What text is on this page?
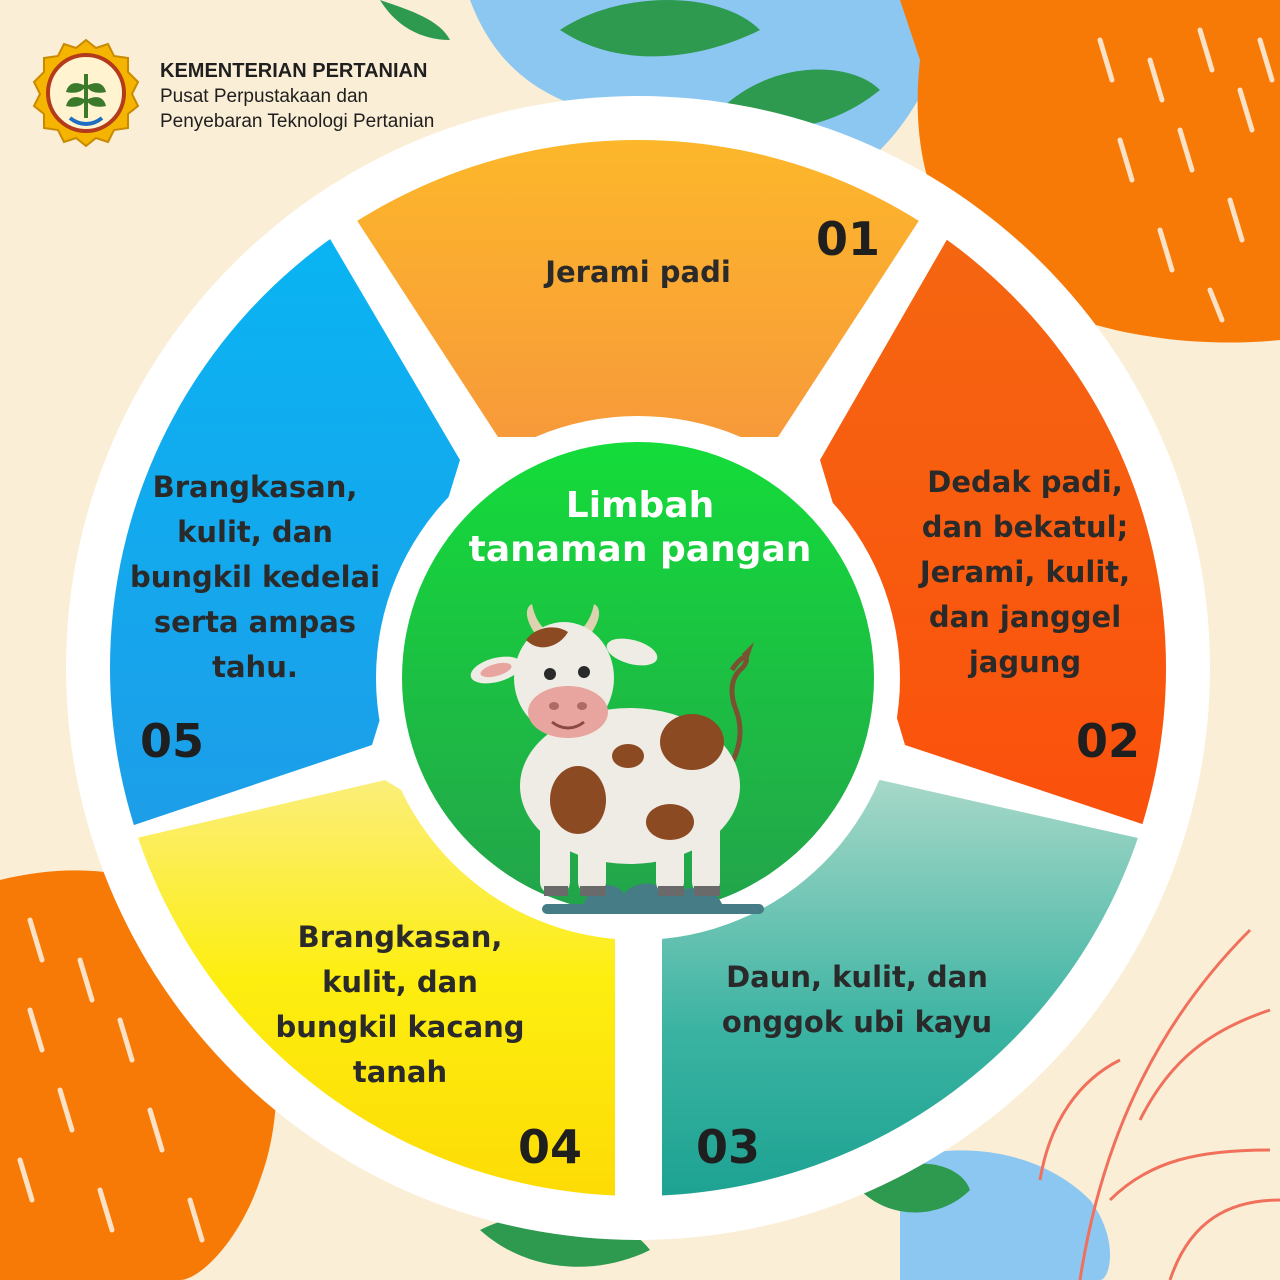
KEMENTERIAN PERTANIAN
Pusat Perpustakaan dan
Penyebaran Teknologi Pertanian
Limbah
tanaman pangan
Jerami padi
01
Dedak padi,
dan bekatul;
Jerami, kulit,
dan janggel
jagung
02
Daun, kulit, dan
onggok ubi kayu
03
Brangkasan,
kulit, dan
bungkil kacang
tanah
04
Brangkasan,
kulit, dan
bungkil kedelai
serta ampas
tahu.
05
